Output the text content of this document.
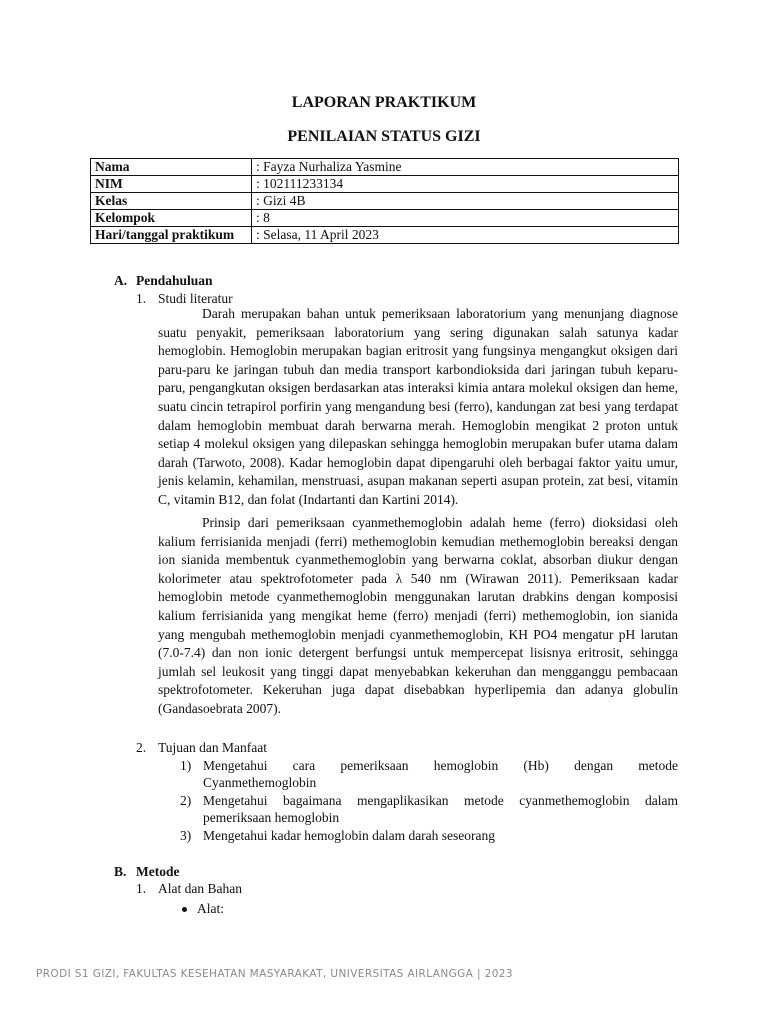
LAPORAN PRAKTIKUM
PENILAIAN STATUS GIZI
Nama	: Fayza Nurhaliza Yasmine
NIM	: 102111233134
Kelas	: Gizi 4B
Kelompok	: 8
Hari/tanggal praktikum	: Selasa, 11 April 2023
A. Pendahuluan
1. Studi literatur

Darah merupakan bahan untuk pemeriksaan laboratorium yang menunjang diagnose suatu penyakit, pemeriksaan laboratorium yang sering digunakan salah satunya kadar hemoglobin. Hemoglobin merupakan bagian eritrosit yang fungsinya mengangkut oksigen dari paru-paru ke jaringan tubuh dan media transport karbondioksida dari jaringan tubuh keparu-paru, pengangkutan oksigen berdasarkan atas interaksi kimia antara molekul oksigen dan heme, suatu cincin tetrapirol porfirin yang mengandung besi (ferro), kandungan zat besi yang terdapat dalam hemoglobin membuat darah berwarna merah. Hemoglobin mengikat 2 proton untuk setiap 4 molekul oksigen yang dilepaskan sehingga hemoglobin merupakan bufer utama dalam darah (Tarwoto, 2008). Kadar hemoglobin dapat dipengaruhi oleh berbagai faktor yaitu umur, jenis kelamin, kehamilan, menstruasi, asupan makanan seperti asupan protein, zat besi, vitamin C, vitamin B12, dan folat (Indartanti dan Kartini 2014).

Prinsip dari pemeriksaan cyanmethemoglobin adalah heme (ferro) dioksidasi oleh kalium ferrisianida menjadi (ferri) methemoglobin kemudian methemoglobin bereaksi dengan ion sianida membentuk cyanmethemoglobin yang berwarna coklat, absorban diukur dengan kolorimeter atau spektrofotometer pada λ 540 nm (Wirawan 2011). Pemeriksaan kadar hemoglobin metode cyanmethemoglobin menggunakan larutan drabkins dengan komposisi kalium ferrisianida yang mengikat heme (ferro) menjadi (ferri) methemoglobin, ion sianida yang mengubah methemoglobin menjadi cyanmethemoglobin, KH PO4 mengatur pH larutan (7.0-7.4) dan non ionic detergent berfungsi untuk mempercepat lisisnya eritrosit, sehingga jumlah sel leukosit yang tinggi dapat menyebabkan kekeruhan dan mengganggu pembacaan spektrofotometer. Kekeruhan juga dapat disebabkan hyperlipemia dan adanya globulin (Gandasoebrata 2007).

2. Tujuan dan Manfaat
1) Mengetahui cara pemeriksaan hemoglobin (Hb) dengan metode
Cyanmethemoglobin
2) Mengetahui bagaimana mengaplikasikan metode cyanmethemoglobin dalam
pemeriksaan hemoglobin
3) Mengetahui kadar hemoglobin dalam darah seseorang
B. Metode
1. Alat dan Bahan
Alat:
PRODI S1 GIZI, FAKULTAS KESEHATAN MASYARAKAT, UNIVERSITAS AIRLANGGA | 2023
